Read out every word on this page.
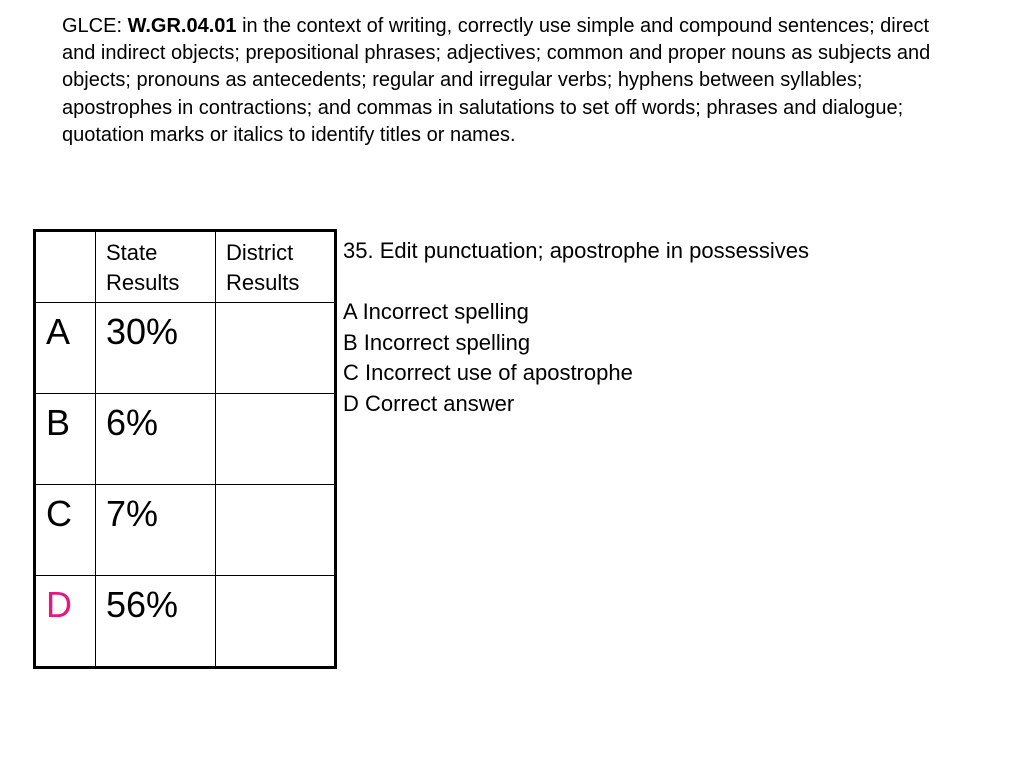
GLCE: W.GR.04.01 in the context of writing, correctly use simple and compound sentences; direct and indirect objects; prepositional phrases; adjectives; common and proper nouns as subjects and objects; pronouns as antecedents; regular and irregular verbs; hyphens between syllables; apostrophes in contractions; and commas in salutations to set off words; phrases and dialogue; quotation marks or italics to identify titles or names.

	State Results	District Results

A	30%	

B	6%	

C	7%	

D	56%	

35. Edit punctuation; apostrophe in possessives
A Incorrect spelling
B Incorrect spelling
C Incorrect use of apostrophe
D Correct answer
